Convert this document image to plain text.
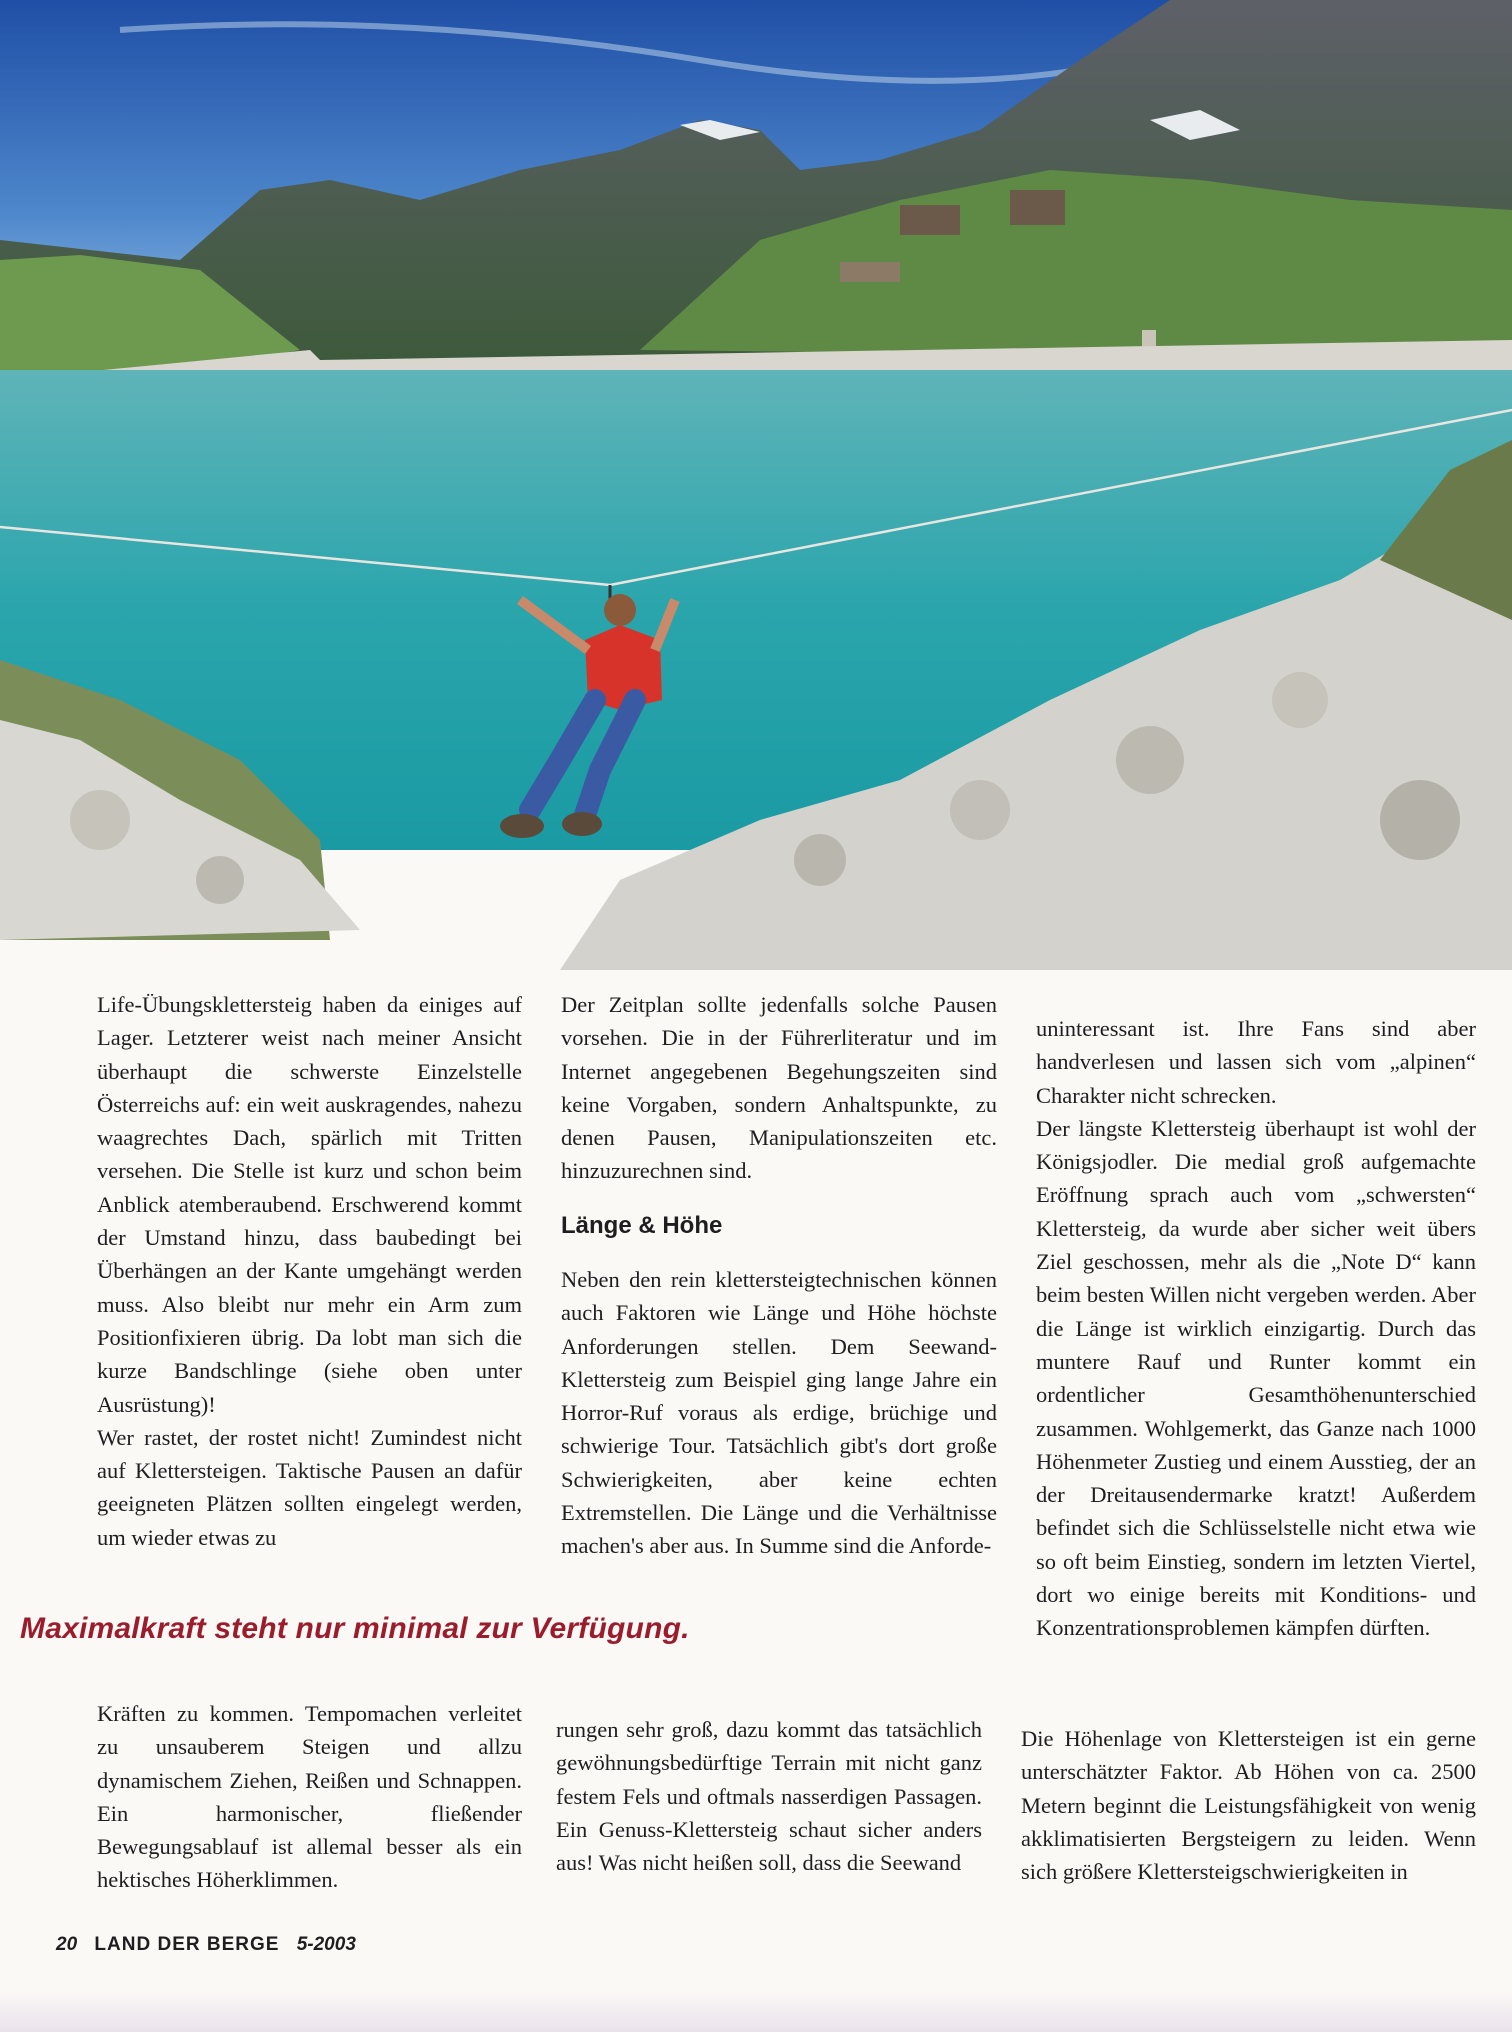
Life-Übungsklettersteig haben da einiges auf Lager. Letzterer weist nach meiner Ansicht überhaupt die schwerste Einzelstelle Österreichs auf: ein weit auskragendes, nahezu waagrechtes Dach, spärlich mit Tritten versehen. Die Stelle ist kurz und schon beim Anblick atemberaubend. Erschwerend kommt der Umstand hinzu, dass baubedingt bei Überhängen an der Kante umgehängt werden muss. Also bleibt nur mehr ein Arm zum Positionfixieren übrig. Da lobt man sich die kurze Bandschlinge (siehe oben unter Ausrüstung)!

Wer rastet, der rostet nicht! Zumindest nicht auf Klettersteigen. Taktische Pausen an dafür geeigneten Plätzen sollten eingelegt werden, um wieder etwas zu

Der Zeitplan sollte jedenfalls solche Pausen vorsehen. Die in der Führerliteratur und im Internet angegebenen Begehungszeiten sind keine Vorgaben, sondern Anhaltspunkte, zu denen Pausen, Manipulationszeiten etc. hinzuzurechnen sind.

Länge & Höhe

Neben den rein klettersteigtechnischen können auch Faktoren wie Länge und Höhe höchste Anforderungen stellen. Dem Seewand-Klettersteig zum Beispiel ging lange Jahre ein Horror-Ruf voraus als erdige, brüchige und schwierige Tour. Tatsächlich gibt's dort große Schwierigkeiten, aber keine echten Extremstellen. Die Länge und die Verhältnisse machen's aber aus. In Summe sind die Anforde-

uninteressant ist. Ihre Fans sind aber handverlesen und lassen sich vom „alpinen“ Charakter nicht schrecken.

Der längste Klettersteig überhaupt ist wohl der Königsjodler. Die medial groß aufgemachte Eröffnung sprach auch vom „schwersten“ Klettersteig, da wurde aber sicher weit übers Ziel geschossen, mehr als die „Note D“ kann beim besten Willen nicht vergeben werden. Aber die Länge ist wirklich einzigartig. Durch das muntere Rauf und Runter kommt ein ordentlicher Gesamthöhenunterschied zusammen. Wohlgemerkt, das Ganze nach 1000 Höhenmeter Zustieg und einem Ausstieg, der an der Dreitausendermarke kratzt! Außerdem befindet sich die Schlüsselstelle nicht etwa wie so oft beim Einstieg, sondern im letzten Viertel, dort wo einige bereits mit Konditions- und Konzentrationsproblemen kämpfen dürften.

Maximalkraft steht nur minimal zur Verfügung.

Kräften zu kommen. Tempomachen verleitet zu unsauberem Steigen und allzu dynamischem Ziehen, Reißen und Schnappen. Ein harmonischer, fließender Bewegungsablauf ist allemal besser als ein hektisches Höherklimmen.

rungen sehr groß, dazu kommt das tatsächlich gewöhnungsbedürftige Terrain mit nicht ganz festem Fels und oftmals nasserdigen Passagen. Ein Genuss-Klettersteig schaut sicher anders aus! Was nicht heißen soll, dass die Seewand

Die Höhenlage von Klettersteigen ist ein gerne unterschätzter Faktor. Ab Höhen von ca. 2500 Metern beginnt die Leistungsfähigkeit von wenig akklimatisierten Bergsteigern zu leiden. Wenn sich größere Klettersteigschwierigkeiten in

20 LAND DER BERGE 5-2003
